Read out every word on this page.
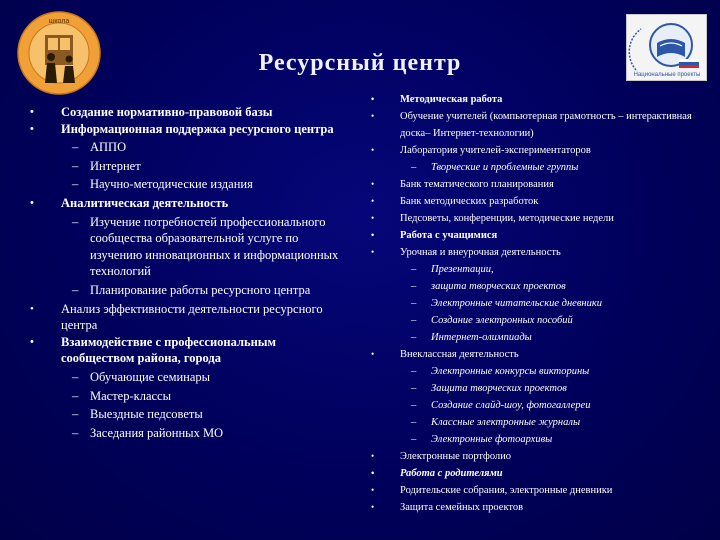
школа
Национальные проекты
Ресурсный центр
• Создание нормативно-правовой базы
• Информационная поддержка ресурсного центра
– АППО
– Интернет
– Научно-методические издания
• Аналитическая деятельность
– Изучение потребностей профессионального сообщества образовательной услуге по изучению инновационных и информационных технологий
– Планирование работы ресурсного центра
• Анализ эффективности деятельности ресурсного центра
• Взаимодействие с профессиональным сообществом района, города
– Обучающие семинары
– Мастер-классы
– Выездные педсоветы
– Заседания районных МО
• Методическая работа
• Обучение учителей (компьютерная грамотность – интерактивная доска– Интернет-технологии)
• Лаборатория учителей-экспериментаторов
– Творческие и проблемные группы
• Банк тематического планирования
• Банк методических разработок
• Педсоветы, конференции, методические недели
• Работа с учащимися
• Урочная и внеурочная деятельность
– Презентации,
– защита творческих проектов
– Электронные читательские дневники
– Создание электронных пособий
– Интернет-олимпиады
• Внеклассная деятельность
– Электронные конкурсы викторины
– Защита творческих проектов
– Создание слайд-шоу, фотогаллереи
– Классные электронные журналы
– Электронные фотоархивы
• Электронные портфолио
• Работа с родителями
• Родительские собрания, электронные дневники
• Защита семейных проектов
